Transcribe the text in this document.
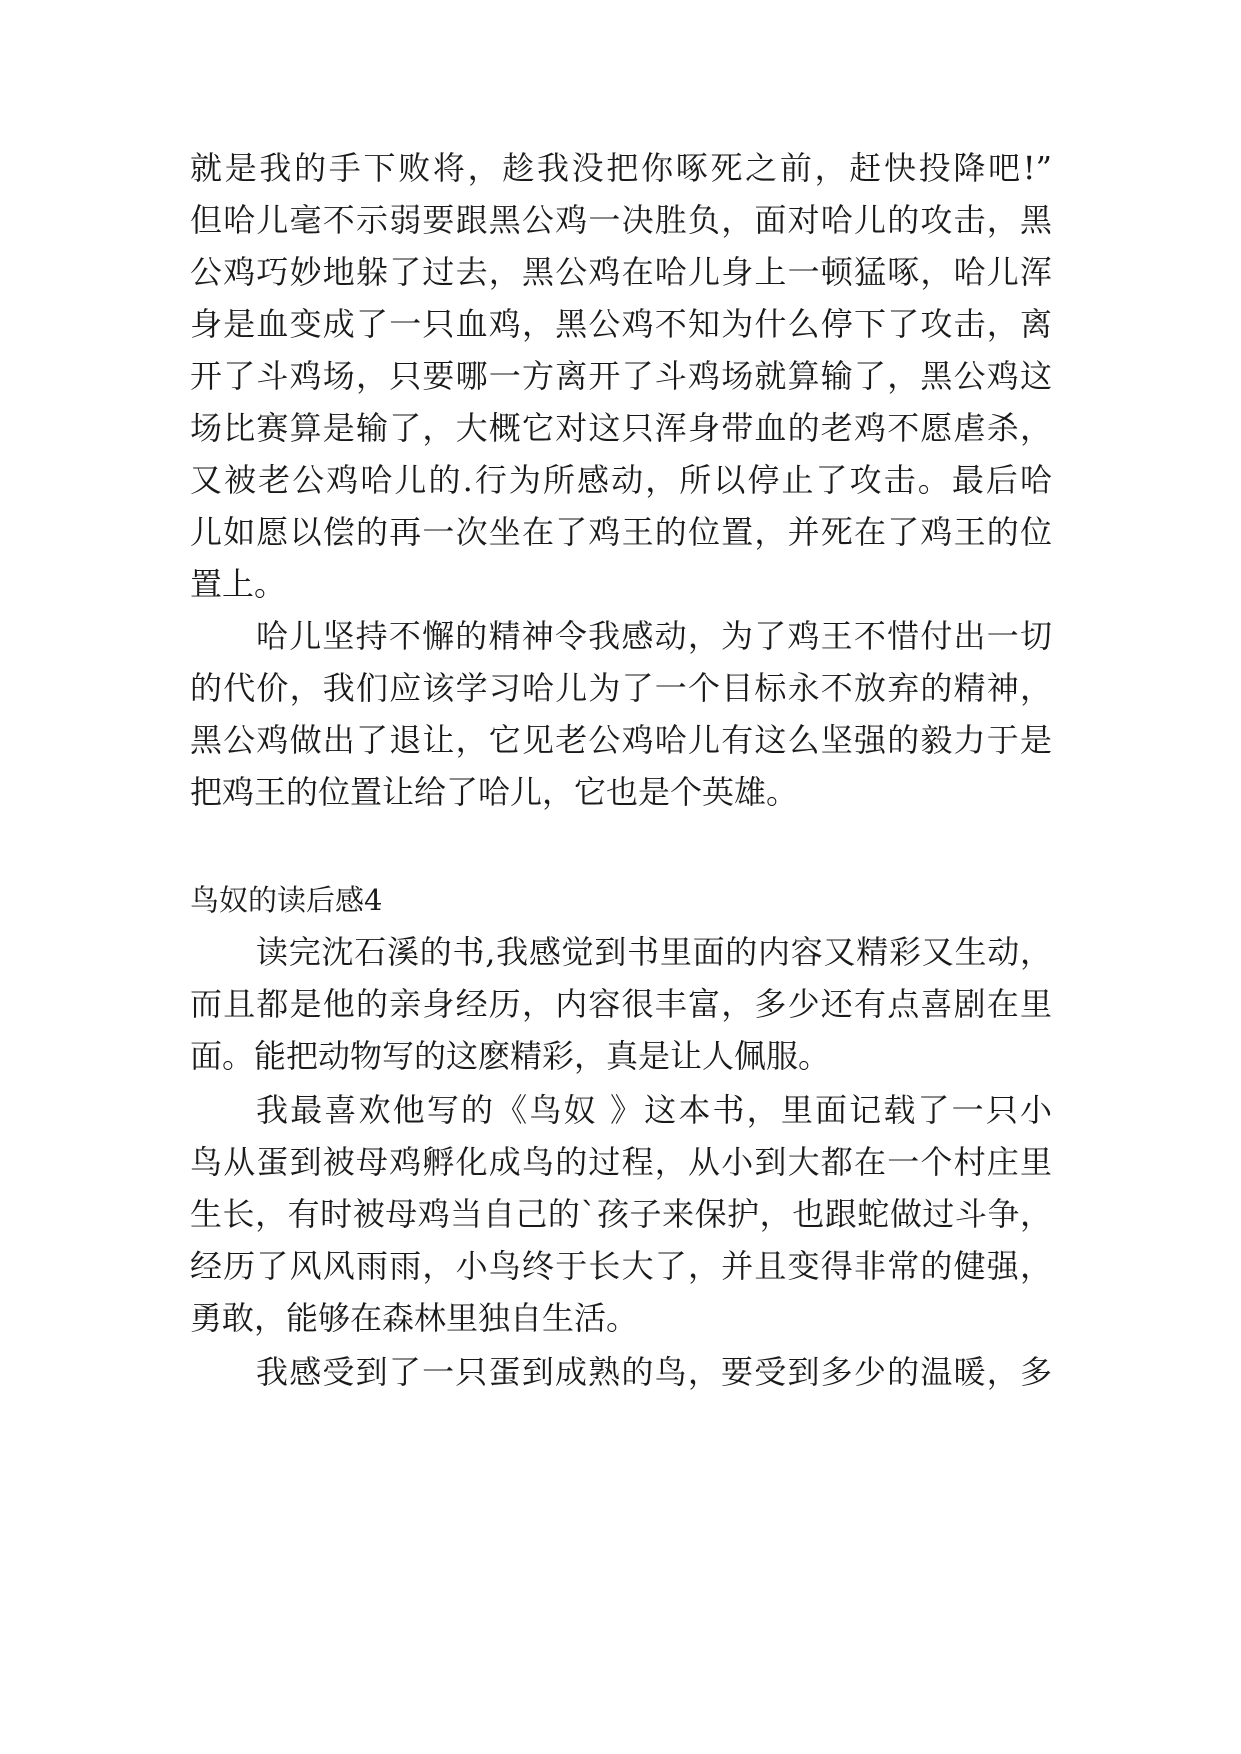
就是我的手下败将，趁我没把你啄死之前，赶快投降吧!”
但哈儿毫不示弱要跟黑公鸡一决胜负，面对哈儿的攻击，黑
公鸡巧妙地躲了过去，黑公鸡在哈儿身上一顿猛啄，哈儿浑
身是血变成了一只血鸡，黑公鸡不知为什么停下了攻击，离
开了斗鸡场，只要哪一方离开了斗鸡场就算输了，黑公鸡这
场比赛算是输了，大概它对这只浑身带血的老鸡不愿虐杀，
又被老公鸡哈儿的.行为所感动，所以停止了攻击。最后哈
儿如愿以偿的再一次坐在了鸡王的位置，并死在了鸡王的位
置上。
哈儿坚持不懈的精神令我感动，为了鸡王不惜付出一切
的代价，我们应该学习哈儿为了一个目标永不放弃的精神，
黑公鸡做出了退让，它见老公鸡哈儿有这么坚强的毅力于是
把鸡王的位置让给了哈儿，它也是个英雄。
鸟奴的读后感4
读完沈石溪的书,我感觉到书里面的内容又精彩又生动，
而且都是他的亲身经历，内容很丰富，多少还有点喜剧在里
面。能把动物写的这麽精彩，真是让人佩服。
我最喜欢他写的《鸟奴 》这本书，里面记载了一只小
鸟从蛋到被母鸡孵化成鸟的过程，从小到大都在一个村庄里
生长，有时被母鸡当自己的`孩子来保护，也跟蛇做过斗争，
经历了风风雨雨，小鸟终于长大了，并且变得非常的健强，
勇敢，能够在森林里独自生活。
我感受到了一只蛋到成熟的鸟，要受到多少的温暖，多
